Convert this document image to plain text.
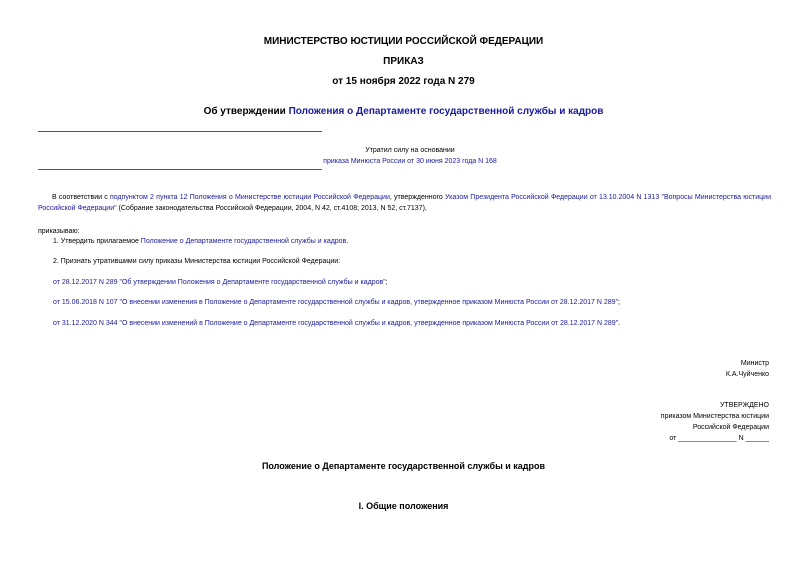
МИНИСТЕРСТВО ЮСТИЦИИ РОССИЙСКОЙ ФЕДЕРАЦИИ
ПРИКАЗ
от 15 ноября 2022 года N 279
Об утверждении Положения о Департаменте государственной службы и кадров
Утратил силу на основании
приказа Минюста России от 30 июня 2023 года N 168
В соответствии с подпунктом 2 пункта 12 Положения о Министерстве юстиции Российской Федерации, утвержденного Указом Президента Российской Федерации от 13.10.2004 N 1313 "Вопросы Министерства юстиции Российской Федерации" (Собрание законодательства Российской Федерации, 2004, N 42, ст.4108; 2013, N 52, ст.7137),
приказываю:
1. Утвердить прилагаемое Положение о Департаменте государственной службы и кадров.
2. Признать утратившими силу приказы Министерства юстиции Российской Федерации:
от 28.12.2017 N 289 "Об утверждении Положения о Департаменте государственной службы и кадров";
от 15.06.2018 N 107 "О внесении изменения в Положение о Департаменте государственной службы и кадров, утвержденное приказом Минюста России от 28.12.2017 N 289";
от 31.12.2020 N 344 "О внесении изменений в Положение о Департаменте государственной службы и кадров, утвержденное приказом Минюста России от 28.12.2017 N 289".
Министр
К.А.Чуйченко
УТВЕРЖДЕНО
приказом Министерства юстиции
Российской Федерации
от _______________ N ______
Положение о Департаменте государственной службы и кадров
I. Общие положения
